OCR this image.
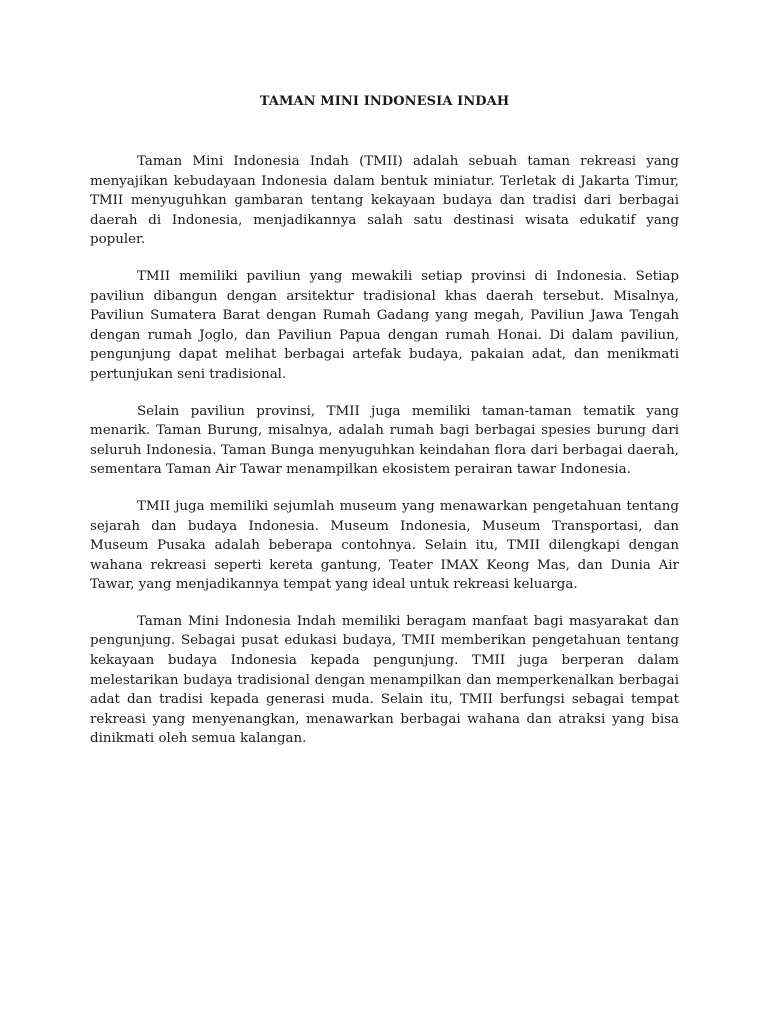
TAMAN MINI INDONESIA INDAH

Taman Mini Indonesia Indah (TMII) adalah sebuah taman rekreasi yang menyajikan kebudayaan Indonesia dalam bentuk miniatur. Terletak di Jakarta Timur, TMII menyuguhkan gambaran tentang kekayaan budaya dan tradisi dari berbagai daerah di Indonesia, menjadikannya salah satu destinasi wisata edukatif yang populer.

TMII memiliki paviliun yang mewakili setiap provinsi di Indonesia. Setiap paviliun dibangun dengan arsitektur tradisional khas daerah tersebut. Misalnya, Paviliun Sumatera Barat dengan Rumah Gadang yang megah, Paviliun Jawa Tengah dengan rumah Joglo, dan Paviliun Papua dengan rumah Honai. Di dalam paviliun, pengunjung dapat melihat berbagai artefak budaya, pakaian adat, dan menikmati pertunjukan seni tradisional.

Selain paviliun provinsi, TMII juga memiliki taman-taman tematik yang menarik. Taman Burung, misalnya, adalah rumah bagi berbagai spesies burung dari seluruh Indonesia. Taman Bunga menyuguhkan keindahan flora dari berbagai daerah, sementara Taman Air Tawar menampilkan ekosistem perairan tawar Indonesia.

TMII juga memiliki sejumlah museum yang menawarkan pengetahuan tentang sejarah dan budaya Indonesia. Museum Indonesia, Museum Transportasi, dan Museum Pusaka adalah beberapa contohnya. Selain itu, TMII dilengkapi dengan wahana rekreasi seperti kereta gantung, Teater IMAX Keong Mas, dan Dunia Air Tawar, yang menjadikannya tempat yang ideal untuk rekreasi keluarga.

Taman Mini Indonesia Indah memiliki beragam manfaat bagi masyarakat dan pengunjung. Sebagai pusat edukasi budaya, TMII memberikan pengetahuan tentang kekayaan budaya Indonesia kepada pengunjung. TMII juga berperan dalam melestarikan budaya tradisional dengan menampilkan dan memperkenalkan berbagai adat dan tradisi kepada generasi muda. Selain itu, TMII berfungsi sebagai tempat rekreasi yang menyenangkan, menawarkan berbagai wahana dan atraksi yang bisa dinikmati oleh semua kalangan.
